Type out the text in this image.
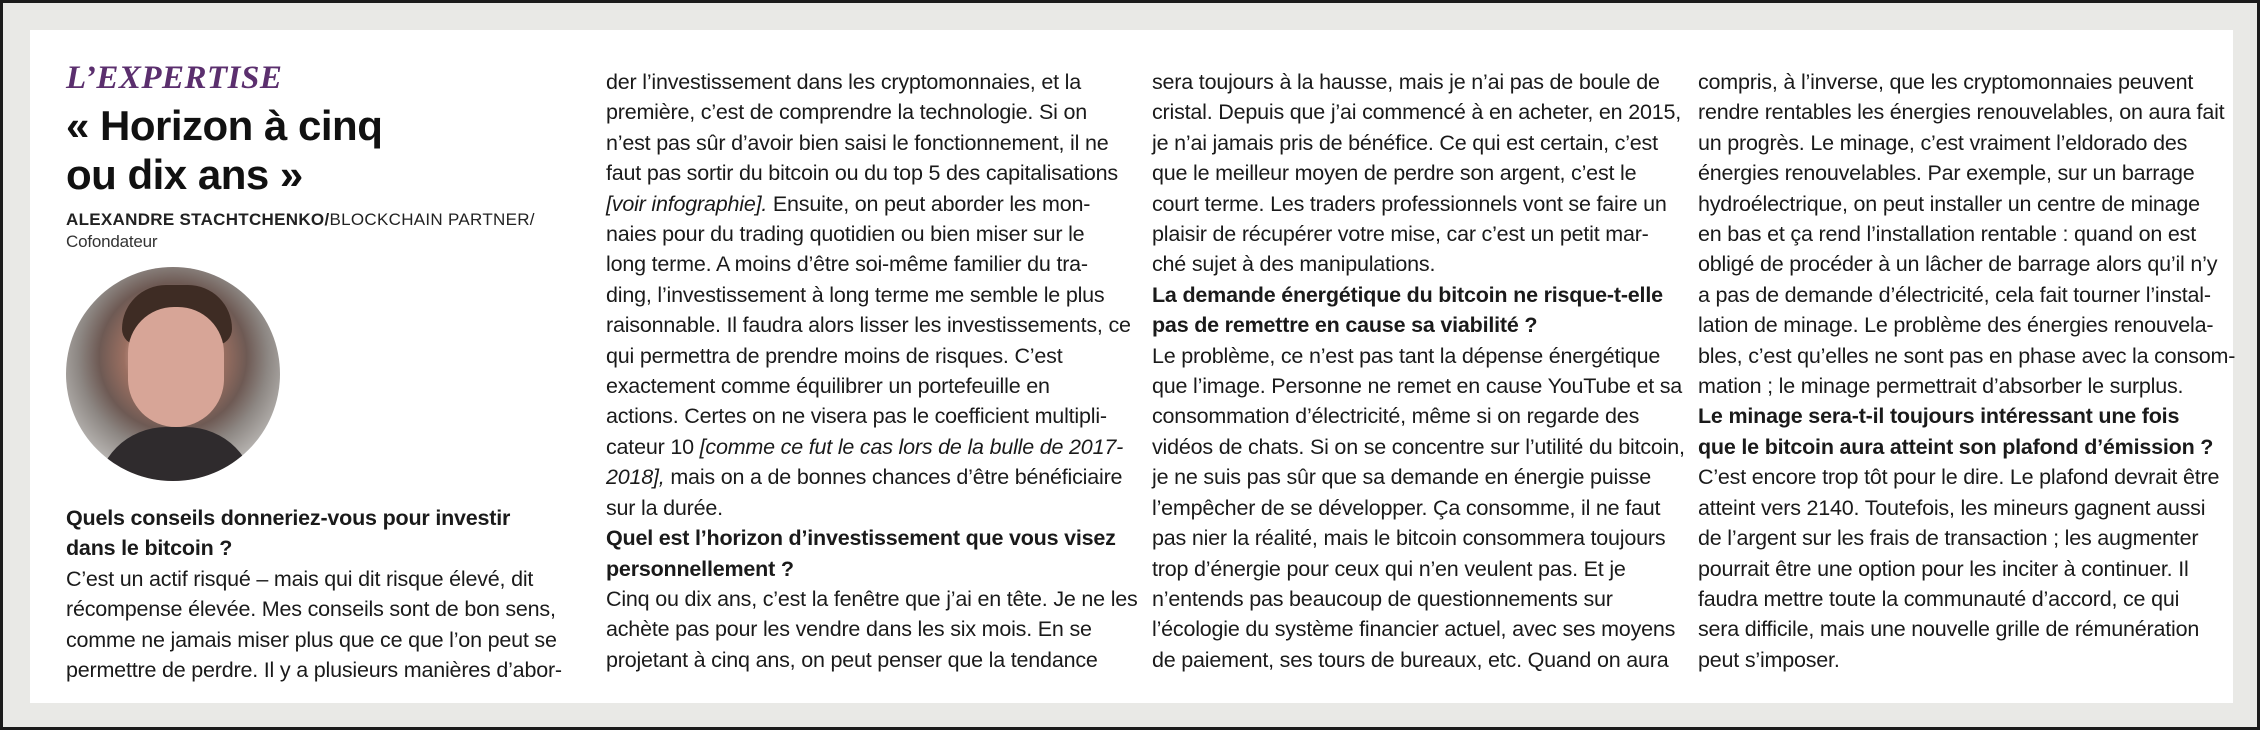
L’EXPERTISE
« Horizon à cinq
ou dix ans »
ALEXANDRE STACHTCHENKO/BLOCKCHAIN PARTNER/
Cofondateur
Quels conseils donneriez-vous pour investir
dans le bitcoin ?
C’est un actif risqué – mais qui dit risque élevé, dit
récompense élevée. Mes conseils sont de bon sens,
comme ne jamais miser plus que ce que l’on peut se
permettre de perdre. Il y a plusieurs manières d’abor-
der l’investissement dans les cryptomonnaies, et la
première, c’est de comprendre la technologie. Si on
n’est pas sûr d’avoir bien saisi le fonctionnement, il ne
faut pas sortir du bitcoin ou du top 5 des capitalisations
[voir infographie]. Ensuite, on peut aborder les mon-
naies pour du trading quotidien ou bien miser sur le
long terme. A moins d’être soi-même familier du tra-
ding, l’investissement à long terme me semble le plus
raisonnable. Il faudra alors lisser les investissements, ce
qui permettra de prendre moins de risques. C’est
exactement comme équilibrer un portefeuille en
actions. Certes on ne visera pas le coefficient multipli-
cateur 10 [comme ce fut le cas lors de la bulle de 2017-
2018], mais on a de bonnes chances d’être bénéficiaire
sur la durée.
Quel est l’horizon d’investissement que vous visez
personnellement ?
Cinq ou dix ans, c’est la fenêtre que j’ai en tête. Je ne les
achète pas pour les vendre dans les six mois. En se
projetant à cinq ans, on peut penser que la tendance
sera toujours à la hausse, mais je n’ai pas de boule de
cristal. Depuis que j’ai commencé à en acheter, en 2015,
je n’ai jamais pris de bénéfice. Ce qui est certain, c’est
que le meilleur moyen de perdre son argent, c’est le
court terme. Les traders professionnels vont se faire un
plaisir de récupérer votre mise, car c’est un petit mar-
ché sujet à des manipulations.
La demande énergétique du bitcoin ne risque-t-elle
pas de remettre en cause sa viabilité ?
Le problème, ce n’est pas tant la dépense énergétique
que l’image. Personne ne remet en cause YouTube et sa
consommation d’électricité, même si on regarde des
vidéos de chats. Si on se concentre sur l’utilité du bitcoin,
je ne suis pas sûr que sa demande en énergie puisse
l’empêcher de se développer. Ça consomme, il ne faut
pas nier la réalité, mais le bitcoin consommera toujours
trop d’énergie pour ceux qui n’en veulent pas. Et je
n’entends pas beaucoup de questionnements sur
l’écologie du système financier actuel, avec ses moyens
de paiement, ses tours de bureaux, etc. Quand on aura
compris, à l’inverse, que les cryptomonnaies peuvent
rendre rentables les énergies renouvelables, on aura fait
un progrès. Le minage, c’est vraiment l’eldorado des
énergies renouvelables. Par exemple, sur un barrage
hydroélectrique, on peut installer un centre de minage
en bas et ça rend l’installation rentable : quand on est
obligé de procéder à un lâcher de barrage alors qu’il n’y
a pas de demande d’électricité, cela fait tourner l’instal-
lation de minage. Le problème des énergies renouvela-
bles, c’est qu’elles ne sont pas en phase avec la consom-
mation ; le minage permettrait d’absorber le surplus.
Le minage sera-t-il toujours intéressant une fois
que le bitcoin aura atteint son plafond d’émission ?
C’est encore trop tôt pour le dire. Le plafond devrait être
atteint vers 2140. Toutefois, les mineurs gagnent aussi
de l’argent sur les frais de transaction ; les augmenter
pourrait être une option pour les inciter à continuer. Il
faudra mettre toute la communauté d’accord, ce qui
sera difficile, mais une nouvelle grille de rémunération
peut s’imposer.
